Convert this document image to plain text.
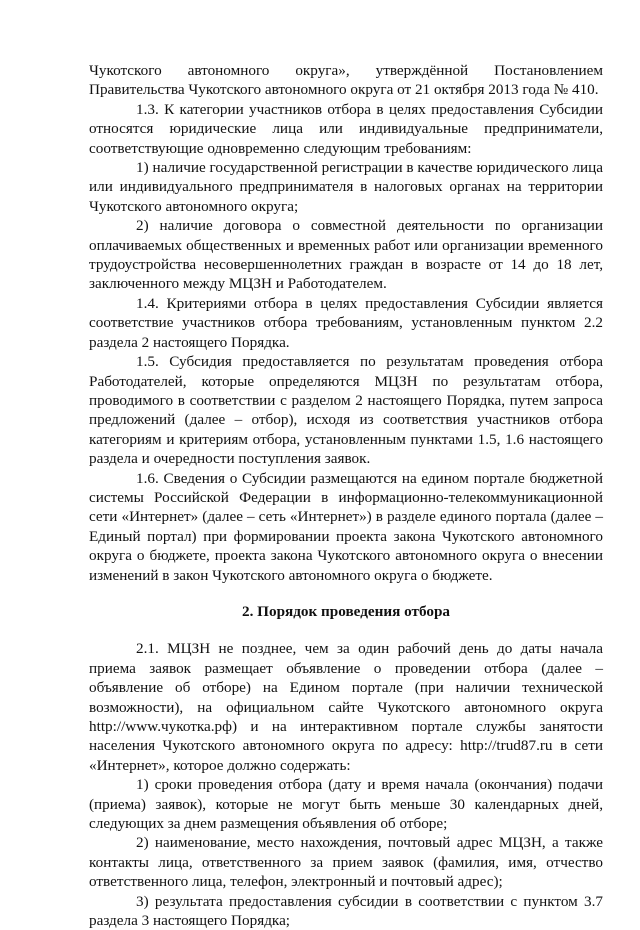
Чукотского автономного округа», утверждённой Постановлением Правительства Чукотского автономного округа от 21 октября 2013 года № 410.

1.3. К категории участников отбора в целях предоставления Субсидии относятся юридические лица или индивидуальные предприниматели, соответствующие одновременно следующим требованиям:

1) наличие государственной регистрации в качестве юридического лица или индивидуального предпринимателя в налоговых органах на территории Чукотского автономного округа;

2) наличие договора о совместной деятельности по организации оплачиваемых общественных и временных работ или организации временного трудоустройства несовершеннолетних граждан в возрасте от 14 до 18 лет, заключенного между МЦЗН и Работодателем.

1.4. Критериями отбора в целях предоставления Субсидии является соответствие участников отбора требованиям, установленным пунктом 2.2 раздела 2 настоящего Порядка.

1.5. Субсидия предоставляется по результатам проведения отбора Работодателей, которые определяются МЦЗН по результатам отбора, проводимого в соответствии с разделом 2 настоящего Порядка, путем запроса предложений (далее – отбор), исходя из соответствия участников отбора категориям и критериям отбора, установленным пунктами 1.5, 1.6 настоящего раздела и очередности поступления заявок.

1.6. Сведения о Субсидии размещаются на едином портале бюджетной системы Российской Федерации в информационно-телекоммуникационной сети «Интернет» (далее – сеть «Интернет») в разделе единого портала (далее – Единый портал) при формировании проекта закона Чукотского автономного округа о бюджете, проекта закона Чукотского автономного округа о внесении изменений в закон Чукотского автономного округа о бюджете.

2. Порядок проведения отбора

2.1. МЦЗН не позднее, чем за один рабочий день до даты начала приема заявок размещает объявление о проведении отбора (далее – объявление об отборе) на Едином портале (при наличии технической возможности), на официальном сайте Чукотского автономного округа http://www.чукотка.рф) и на интерактивном портале службы занятости населения Чукотского автономного округа по адресу: http://trud87.ru в сети «Интернет», которое должно содержать:

1) сроки проведения отбора (дату и время начала (окончания) подачи (приема) заявок), которые не могут быть меньше 30 календарных дней, следующих за днем размещения объявления об отборе;

2) наименование, место нахождения, почтовый адрес МЦЗН, а также контакты лица, ответственного за прием заявок (фамилия, имя, отчество ответственного лица, телефон, электронный и почтовый адрес);

3) результата предоставления субсидии в соответствии с пунктом 3.7 раздела 3 настоящего Порядка;
